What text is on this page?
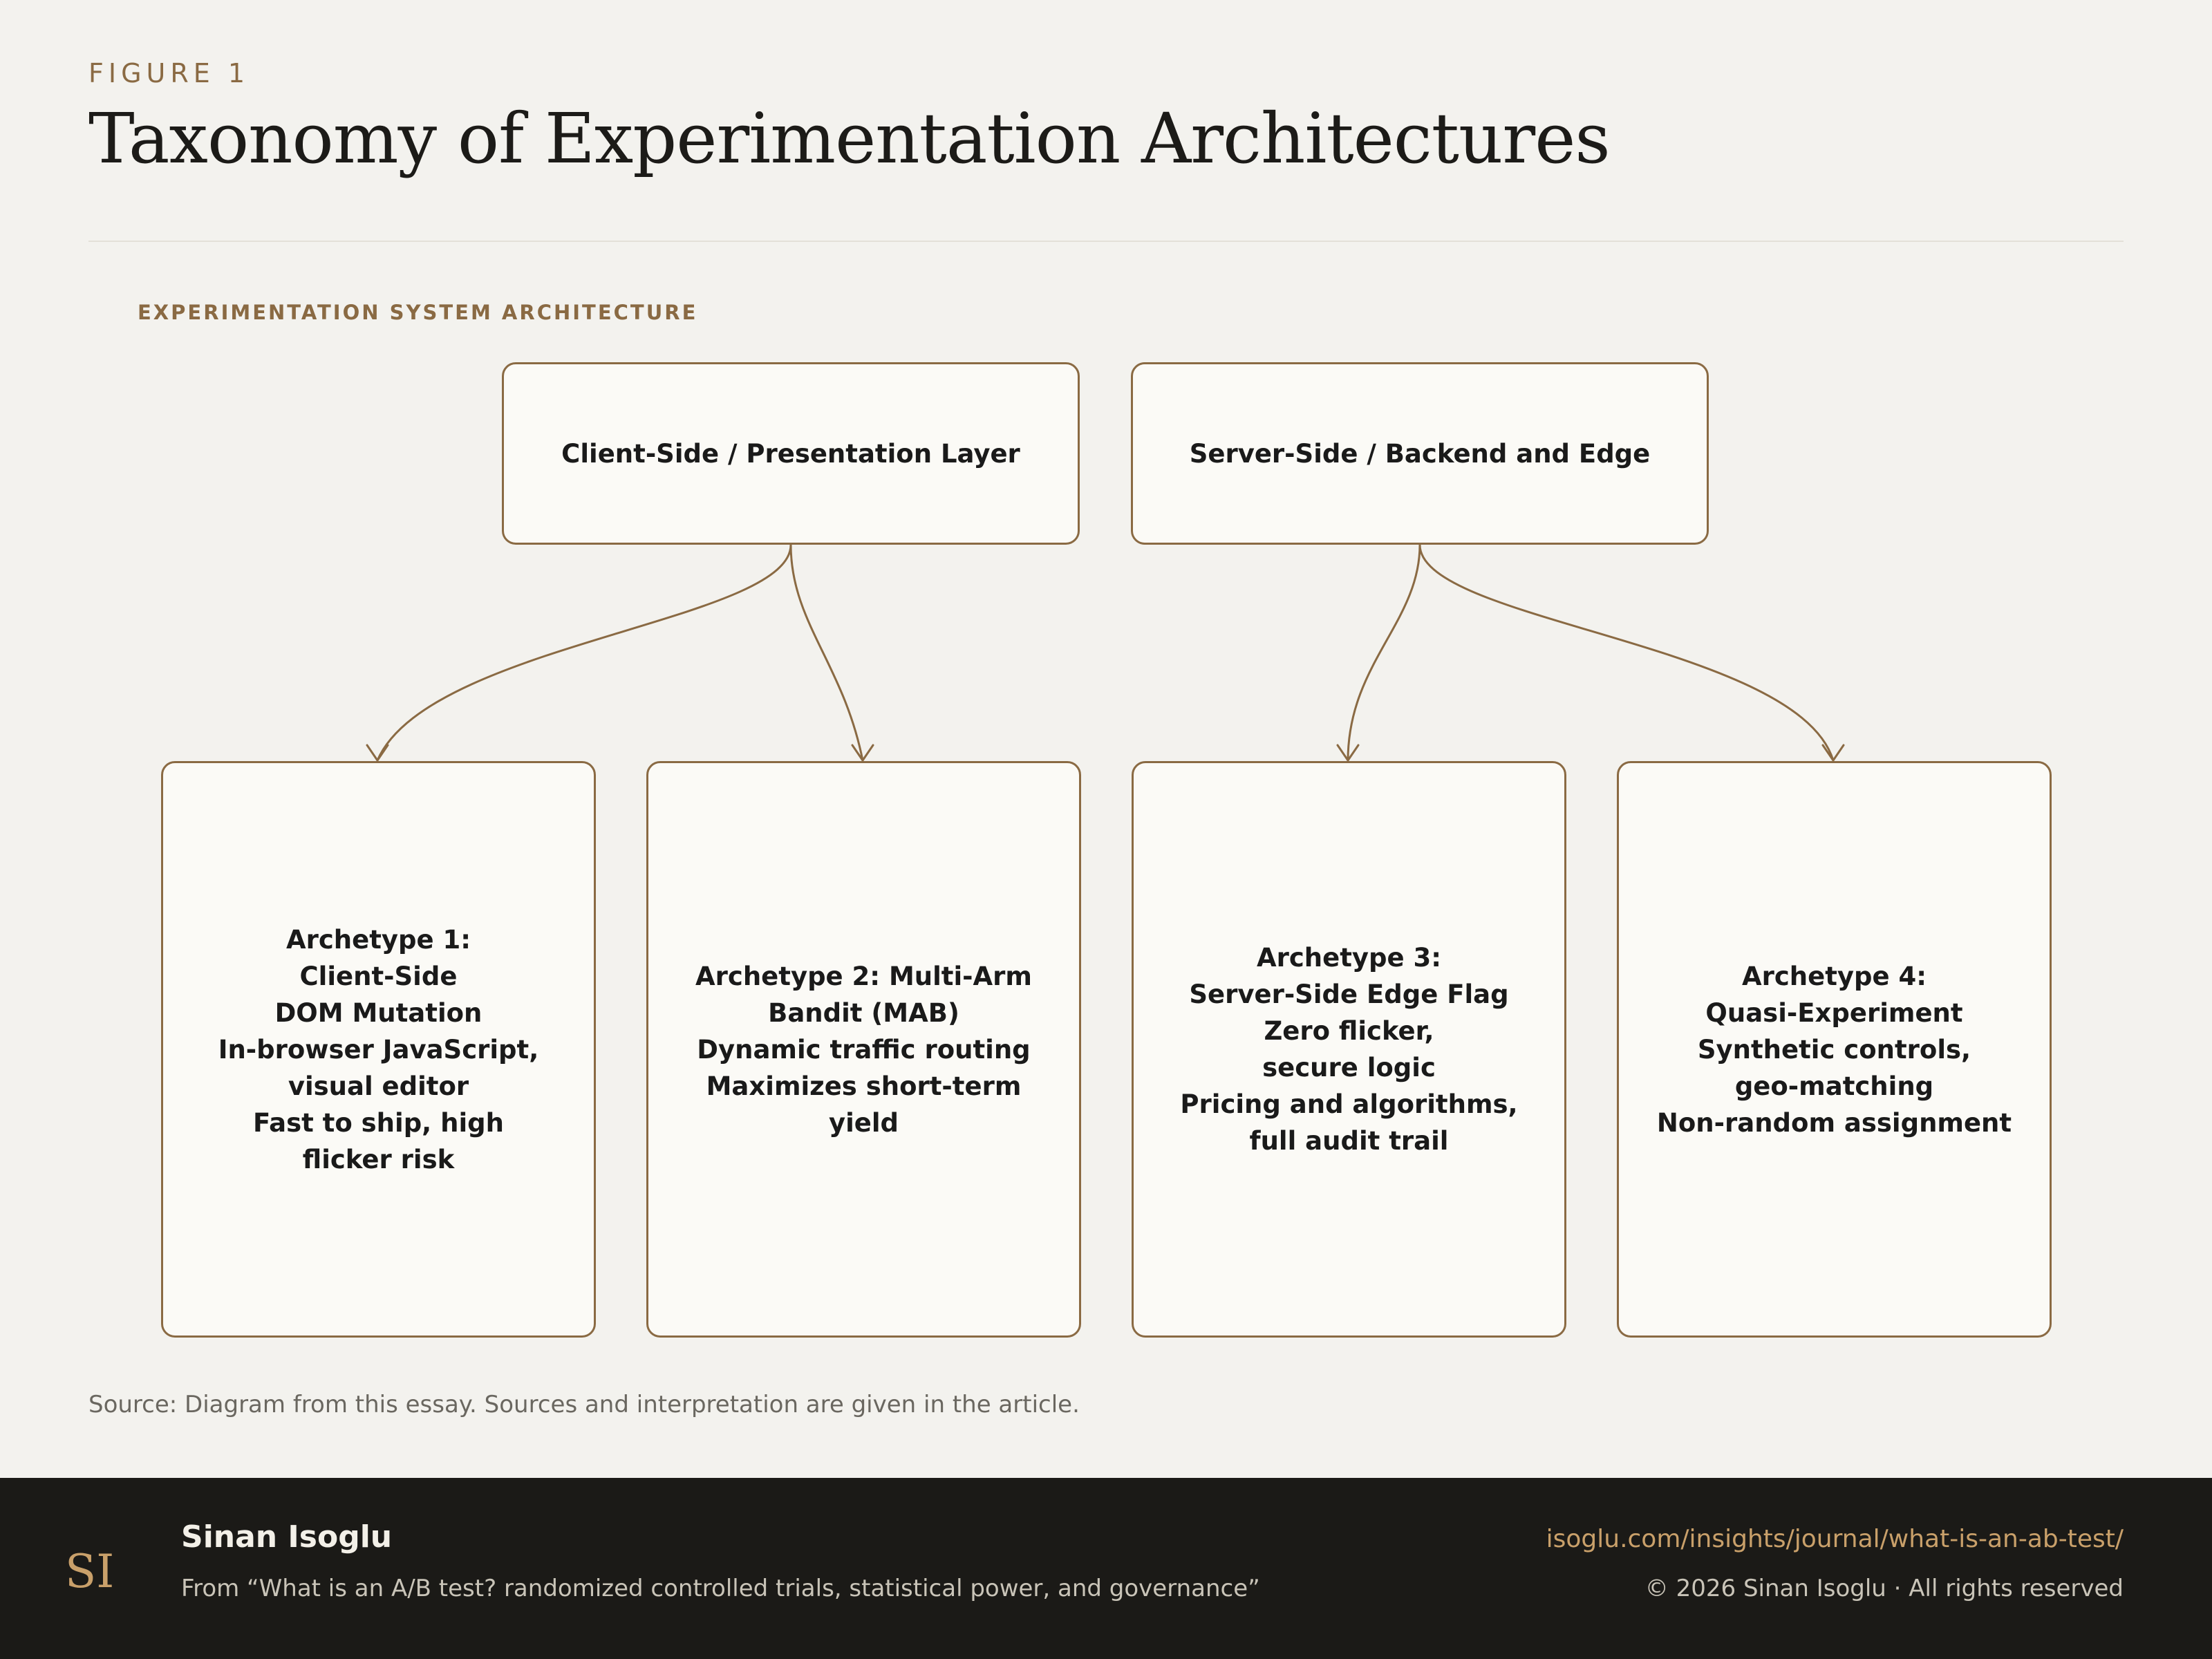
FIGURE 1
Taxonomy of Experimentation Architectures
EXPERIMENTATION SYSTEM ARCHITECTURE
Client-Side / Presentation Layer	Server-Side / Backend and Edge
Archetype 1:
Client-Side
DOM Mutation
In-browser JavaScript,
visual editor
Fast to ship, high
flicker risk
Archetype 2: Multi-Arm
Bandit (MAB)
Dynamic traffic routing
Maximizes short-term
yield
Archetype 3:
Server-Side Edge Flag
Zero flicker,
secure logic
Pricing and algorithms,
full audit trail
Archetype 4:
Quasi-Experiment
Synthetic controls,
geo-matching
Non-random assignment
Source: Diagram from this essay. Sources and interpretation are given in the article.
SI
Sinan Isoglu
From “What is an A/B test? randomized controlled trials, statistical power, and governance”
isoglu.com/insights/journal/what-is-an-ab-test/
© 2026 Sinan Isoglu · All rights reserved
